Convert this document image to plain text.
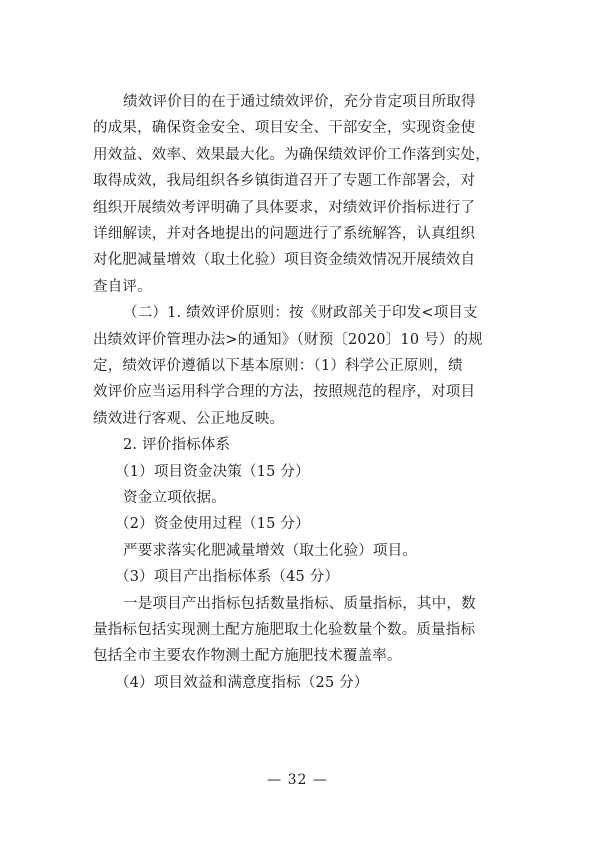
绩效评价目的在于通过绩效评价，充分肯定项目所取得
的成果，确保资金安全、项目安全、干部安全，实现资金使
用效益、效率、效果最大化。为确保绩效评价工作落到实处，
取得成效，我局组织各乡镇街道召开了专题工作部署会，对
组织开展绩效考评明确了具体要求，对绩效评价指标进行了
详细解读，并对各地提出的问题进行了系统解答，认真组织
对化肥减量增效（取土化验）项目资金绩效情况开展绩效自
查自评。
（二）1. 绩效评价原则：按《财政部关于印发<项目支
出绩效评价管理办法>的通知》（财预〔2020〕10 号）的规
定，绩效评价遵循以下基本原则：（1）科学公正原则，绩
效评价应当运用科学合理的方法，按照规范的程序，对项目
绩效进行客观、公正地反映。
2. 评价指标体系
（1）项目资金决策（15 分）
资金立项依据。
（2）资金使用过程（15 分）
严要求落实化肥减量增效（取土化验）项目。
（3）项目产出指标体系（45 分）
一是项目产出指标包括数量指标、质量指标，其中，数
量指标包括实现测土配方施肥取土化验数量个数。质量指标
包括全市主要农作物测土配方施肥技术覆盖率。
（4）项目效益和满意度指标（25 分）
— 32 —
